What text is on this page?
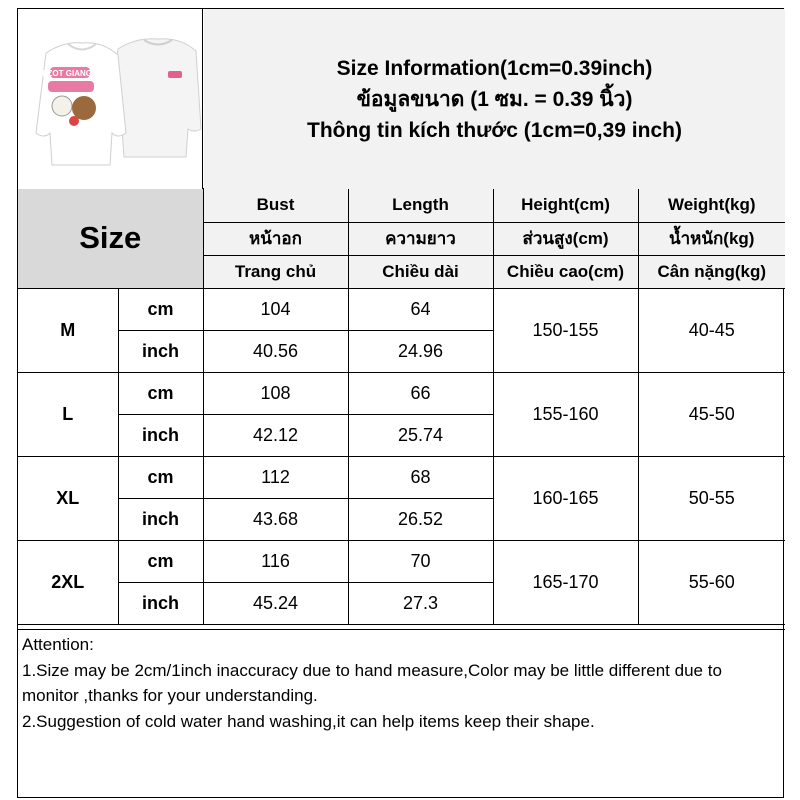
SEZOT GIANGBY	Size Information(1cm=0.39inch)
ข้อมูลขนาด (1 ซม. = 0.39 นิ้ว)
Thông tin kích thước (1cm=0,39 inch)
Size		Bust	Length	Height(cm)	Weight(kg)
		หน้าอก	ความยาว	ส่วนสูง(cm)	น้ำหนัก(kg)
		Trang chủ	Chiều dài	Chiều cao(cm)	Cân nặng(kg)
M	cm	104	64	150-155	40-45
	inch	40.56	24.96		
L	cm	108	66	155-160	45-50
	inch	42.12	25.74		
XL	cm	112	68	160-165	50-55
	inch	43.68	26.52		
2XL	cm	116	70	165-170	55-60
	inch	45.24	27.3		
Attention:
1.Size may be 2cm/1inch inaccuracy due to hand measure,Color may be little different due to monitor ,thanks for your understanding.
2.Suggestion of cold water hand washing,it can help items keep their shape.
